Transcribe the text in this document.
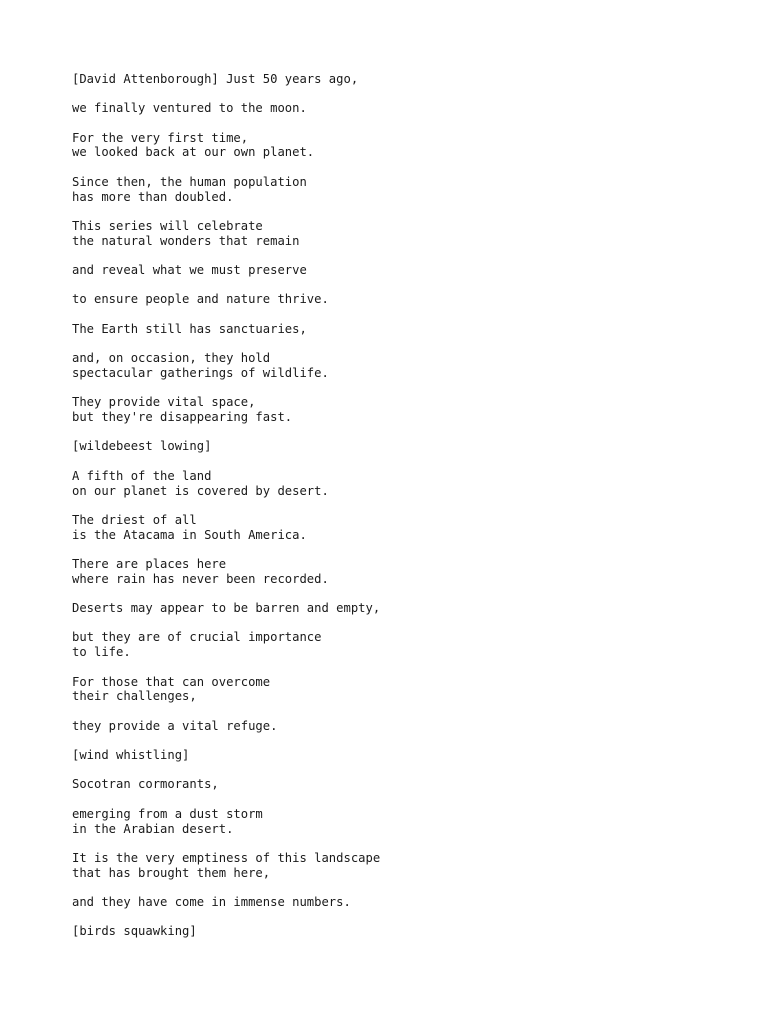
[David Attenborough] Just 50 years ago,
we finally ventured to the moon.
For the very first time,
we looked back at our own planet.
Since then, the human population
has more than doubled.
This series will celebrate
the natural wonders that remain
and reveal what we must preserve
to ensure people and nature thrive.
The Earth still has sanctuaries,
and, on occasion, they hold
spectacular gatherings of wildlife.
They provide vital space,
but they're disappearing fast.
[wildebeest lowing]
A fifth of the land
on our planet is covered by desert.
The driest of all
is the Atacama in South America.
There are places here
where rain has never been recorded.
Deserts may appear to be barren and empty,
but they are of crucial importance
to life.
For those that can overcome
their challenges,
they provide a vital refuge.
[wind whistling]
Socotran cormorants,
emerging from a dust storm
in the Arabian desert.
It is the very emptiness of this landscape
that has brought them here,
and they have come in immense numbers.
[birds squawking]
